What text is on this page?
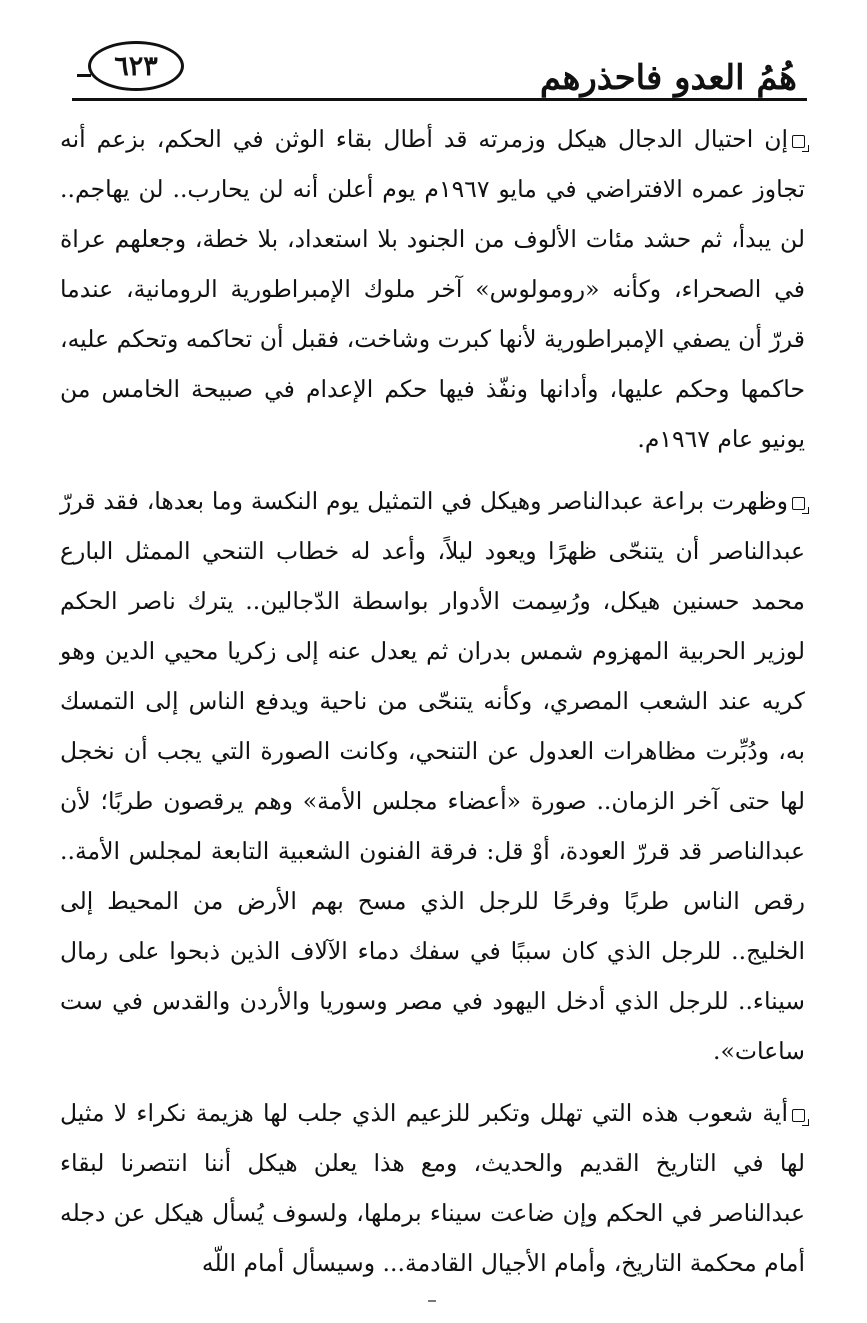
هُمُ العدو فاحذرهم
٦٢٣

إن احتيال الدجال هيكل وزمرته قد أطال بقاء الوثن في الحكم، بزعم أنه تجاوز عمره الافتراضي في مايو ١٩٦٧م يوم أعلن أنه لن يحارب.. لن يهاجم.. لن يبدأ، ثم حشد مئات الألوف من الجنود بلا استعداد، بلا خطة، وجعلهم عراة في الصحراء، وكأنه «رومولوس» آخر ملوك الإمبراطورية الرومانية، عندما قررّ أن يصفي الإمبراطورية لأنها كبرت وشاخت، فقبل أن تحاكمه وتحكم عليه، حاكمها وحكم عليها، وأدانها ونفّذ فيها حكم الإعدام في صبيحة الخامس من يونيو عام ١٩٦٧م.

وظهرت براعة عبدالناصر وهيكل في التمثيل يوم النكسة وما بعدها، فقد قررّ عبدالناصر أن يتنحّى ظهرًا ويعود ليلاً، وأعد له خطاب التنحي الممثل البارع محمد حسنين هيكل، ورُسِمت الأدوار بواسطة الدّجالين.. يترك ناصر الحكم لوزير الحربية المهزوم شمس بدران ثم يعدل عنه إلى زكريا محيي الدين وهو كريه عند الشعب المصري، وكأنه يتنحّى من ناحية ويدفع الناس إلى التمسك به، ودُبِّرت مظاهرات العدول عن التنحي، وكانت الصورة التي يجب أن نخجل لها حتى آخر الزمان.. صورة «أعضاء مجلس الأمة» وهم يرقصون طربًا؛ لأن عبدالناصر قد قررّ العودة، أوْ قل: فرقة الفنون الشعبية التابعة لمجلس الأمة.. رقص الناس طربًا وفرحًا للرجل الذي مسح بهم الأرض من المحيط إلى الخليج.. للرجل الذي كان سببًا في سفك دماء الآلاف الذين ذبحوا على رمال سيناء.. للرجل الذي أدخل اليهود في مصر وسوريا والأردن والقدس في ست ساعات».

أية شعوب هذه التي تهلل وتكبر للزعيم الذي جلب لها هزيمة نكراء لا مثيل لها في التاريخ القديم والحديث، ومع هذا يعلن هيكل أننا انتصرنا لبقاء عبدالناصر في الحكم وإن ضاعت سيناء برملها، ولسوف يُسأل هيكل عن دجله أمام محكمة التاريخ، وأمام الأجيال القادمة... وسيسأل أمام اللّه
